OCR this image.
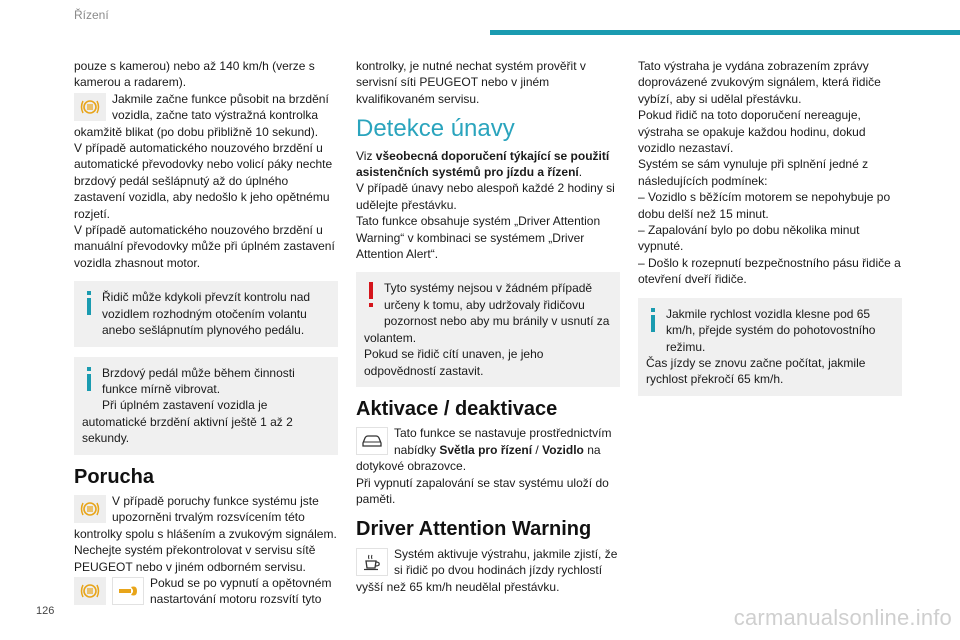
Řízení

pouze s kamerou) nebo až 140 km/h (verze s kamerou a radarem).

Jakmile začne funkce působit na brzdění vozidla, začne tato výstražná kontrolka okamžitě blikat (po dobu přibližně 10 sekund).

V případě automatického nouzového brzdění u automatické převodovky nebo volicí páky nechte brzdový pedál sešlápnutý až do úplného zastavení vozidla, aby nedošlo k jeho opětnému rozjetí.

V případě automatického nouzového brzdění u manuální převodovky může při úplném zastavení vozidla zhasnout motor.

Řidič může kdykoli převzít kontrolu nad vozidlem rozhodným otočením volantu anebo sešlápnutím plynového pedálu.

Brzdový pedál může během činnosti funkce mírně vibrovat.

Při úplném zastavení vozidla je automatické brzdění aktivní ještě 1 až 2 sekundy.

Porucha

V případě poruchy funkce systému jste upozorněni trvalým rozsvícením této kontrolky spolu s hlášením a zvukovým signálem.

Nechejte systém překontrolovat v servisu sítě PEUGEOT nebo v jiném odborném servisu.

Pokud se po vypnutí a opětovném nastartování motoru rozsvítí tyto

kontrolky, je nutné nechat systém prověřit v servisní síti PEUGEOT nebo v jiném kvalifikovaném servisu.

Detekce únavy

Viz všeobecná doporučení týkající se použití asistenčních systémů pro jízdu a řízení.

V případě únavy nebo alespoň každé 2 hodiny si udělejte přestávku.

Tato funkce obsahuje systém „Driver Attention Warning“ v kombinaci se systémem „Driver Attention Alert“.

Tyto systémy nejsou v žádném případě určeny k tomu, aby udržovaly řidičovu pozornost nebo aby mu bránily v usnutí za volantem.

Pokud se řidič cítí unaven, je jeho odpovědností zastavit.

Aktivace / deaktivace

Tato funkce se nastavuje prostřednictvím nabídky Světla pro řízení / Vozidlo na dotykové obrazovce.

Při vypnutí zapalování se stav systému uloží do paměti.

Driver Attention Warning

Systém aktivuje výstrahu, jakmile zjistí, že si řidič po dvou hodinách jízdy rychlostí vyšší než 65 km/h neudělal přestávku.

Tato výstraha je vydána zobrazením zprávy doprovázené zvukovým signálem, která řidiče vybízí, aby si udělal přestávku.

Pokud řidič na toto doporučení nereaguje, výstraha se opakuje každou hodinu, dokud vozidlo nezastaví.

Systém se sám vynuluje při splnění jedné z následujících podmínek:

– Vozidlo s běžícím motorem se nepohybuje po dobu delší než 15 minut.

– Zapalování bylo po dobu několika minut vypnuté.

– Došlo k rozepnutí bezpečnostního pásu řidiče a otevření dveří řidiče.

Jakmile rychlost vozidla klesne pod 65 km/h, přejde systém do pohotovostního režimu.

Čas jízdy se znovu začne počítat, jakmile rychlost překročí 65 km/h.

126	carmanualsonline.info
